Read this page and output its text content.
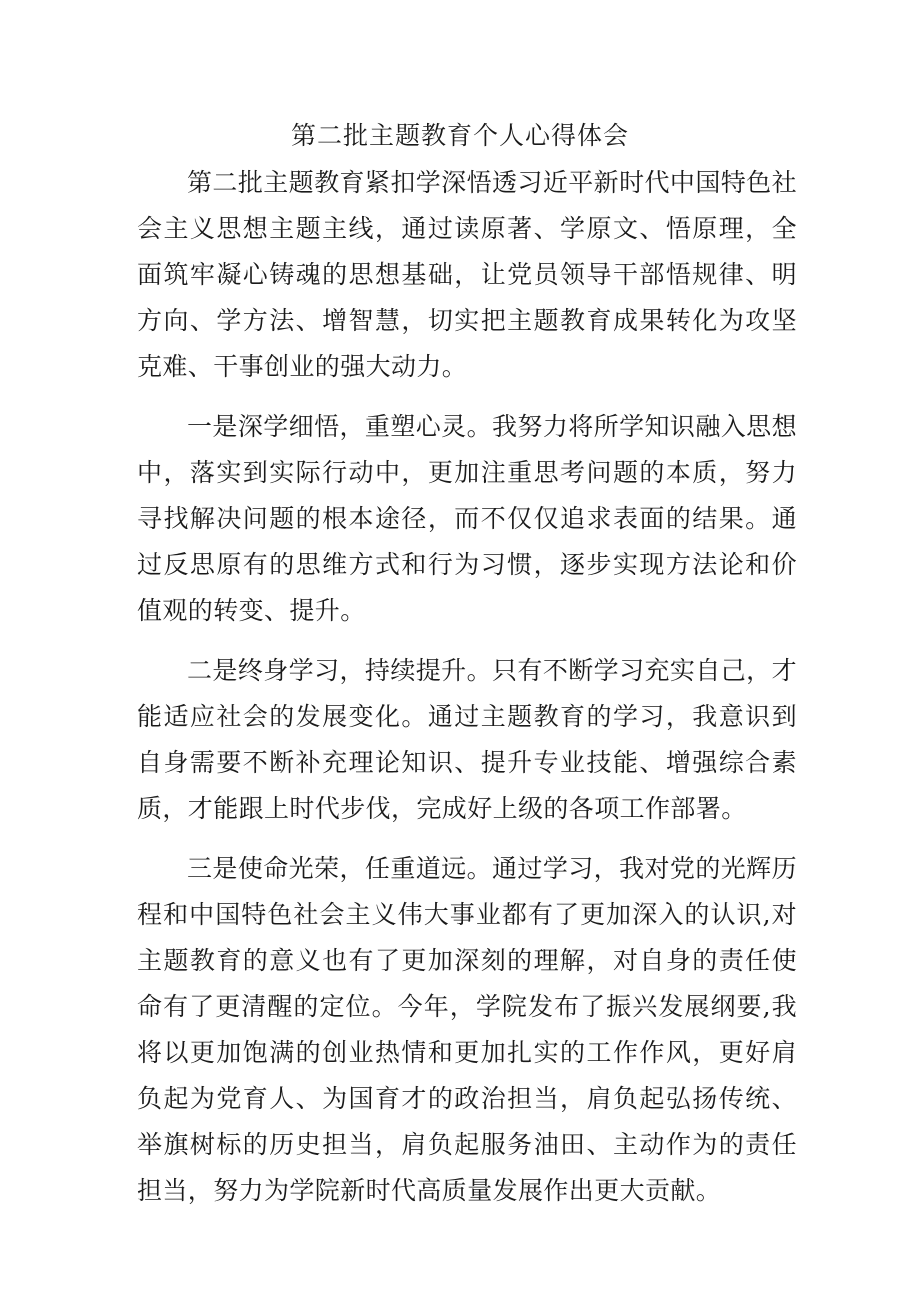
第二批主题教育个人心得体会

第二批主题教育紧扣学深悟透习近平新时代中国特色社会主义思想主题主线，通过读原著、学原文、悟原理，全面筑牢凝心铸魂的思想基础，让党员领导干部悟规律、明方向、学方法、增智慧，切实把主题教育成果转化为攻坚克难、干事创业的强大动力。

一是深学细悟，重塑心灵。我努力将所学知识融入思想中，落实到实际行动中，更加注重思考问题的本质，努力寻找解决问题的根本途径，而不仅仅追求表面的结果。通过反思原有的思维方式和行为习惯，逐步实现方法论和价值观的转变、提升。

二是终身学习，持续提升。只有不断学习充实自己，才能适应社会的发展变化。通过主题教育的学习，我意识到自身需要不断补充理论知识、提升专业技能、增强综合素质，才能跟上时代步伐，完成好上级的各项工作部署。

三是使命光荣，任重道远。通过学习，我对党的光辉历程和中国特色社会主义伟大事业都有了更加深入的认识,对主题教育的意义也有了更加深刻的理解，对自身的责任使命有了更清醒的定位。今年，学院发布了振兴发展纲要,我将以更加饱满的创业热情和更加扎实的工作作风，更好肩负起为党育人、为国育才的政治担当，肩负起弘扬传统、举旗树标的历史担当，肩负起服务油田、主动作为的责任担当，努力为学院新时代高质量发展作出更大贡献。
